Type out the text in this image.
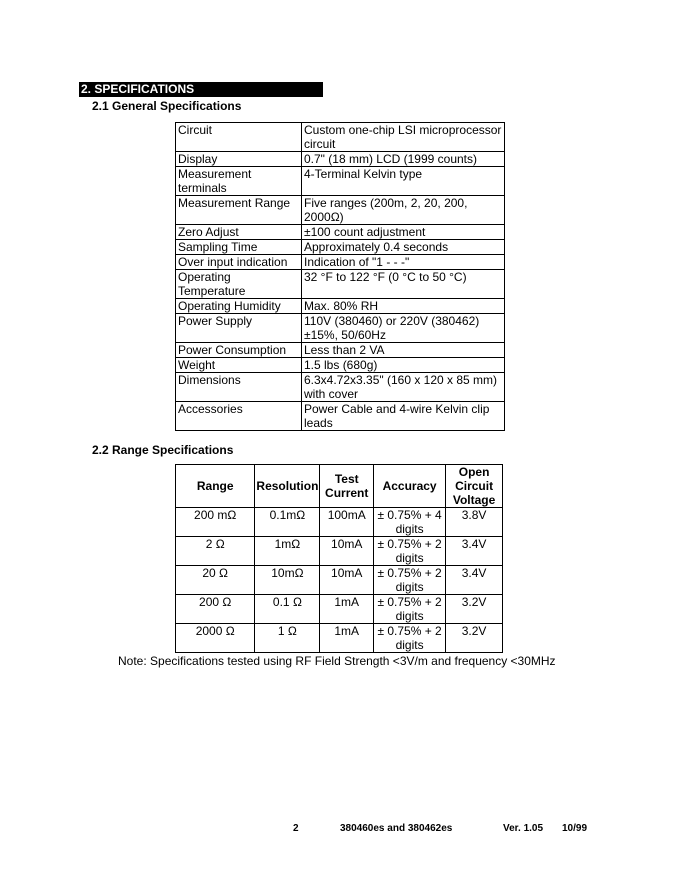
2. SPECIFICATIONS
2.1 General Specifications
Circuit	Custom one-chip LSI microprocessor circuit
Display	0.7" (18 mm) LCD (1999 counts)
Measurement terminals	4-Terminal Kelvin type
Measurement Range	Five ranges (200m, 2, 20, 200, 2000Ω)
Zero Adjust	±100 count adjustment
Sampling Time	Approximately 0.4 seconds
Over input indication	Indication of "1 - - -"
Operating Temperature	32 °F to 122 °F (0 °C to 50 °C)
Operating Humidity	Max. 80% RH
Power Supply	110V (380460) or 220V (380462) ±15%, 50/60Hz
Power Consumption	Less than 2 VA
Weight	1.5 lbs (680g)
Dimensions	6.3x4.72x3.35" (160 x 120 x 85 mm) with cover
Accessories	Power Cable and 4-wire Kelvin clip leads
2.2 Range Specifications
Range	Resolution	Test Current	Accuracy	Open Circuit Voltage
200 mΩ	0.1mΩ	100mA	± 0.75% + 4 digits	3.8V
2 Ω	1mΩ	10mA	± 0.75% + 2 digits	3.4V
20 Ω	10mΩ	10mA	± 0.75% + 2 digits	3.4V
200 Ω	0.1 Ω	1mA	± 0.75% + 2 digits	3.2V
2000 Ω	1 Ω	1mA	± 0.75% + 2 digits	3.2V
Note: Specifications tested using RF Field Strength <3V/m and frequency <30MHz
2	380460es and 380462es	Ver. 1.05 10/99
